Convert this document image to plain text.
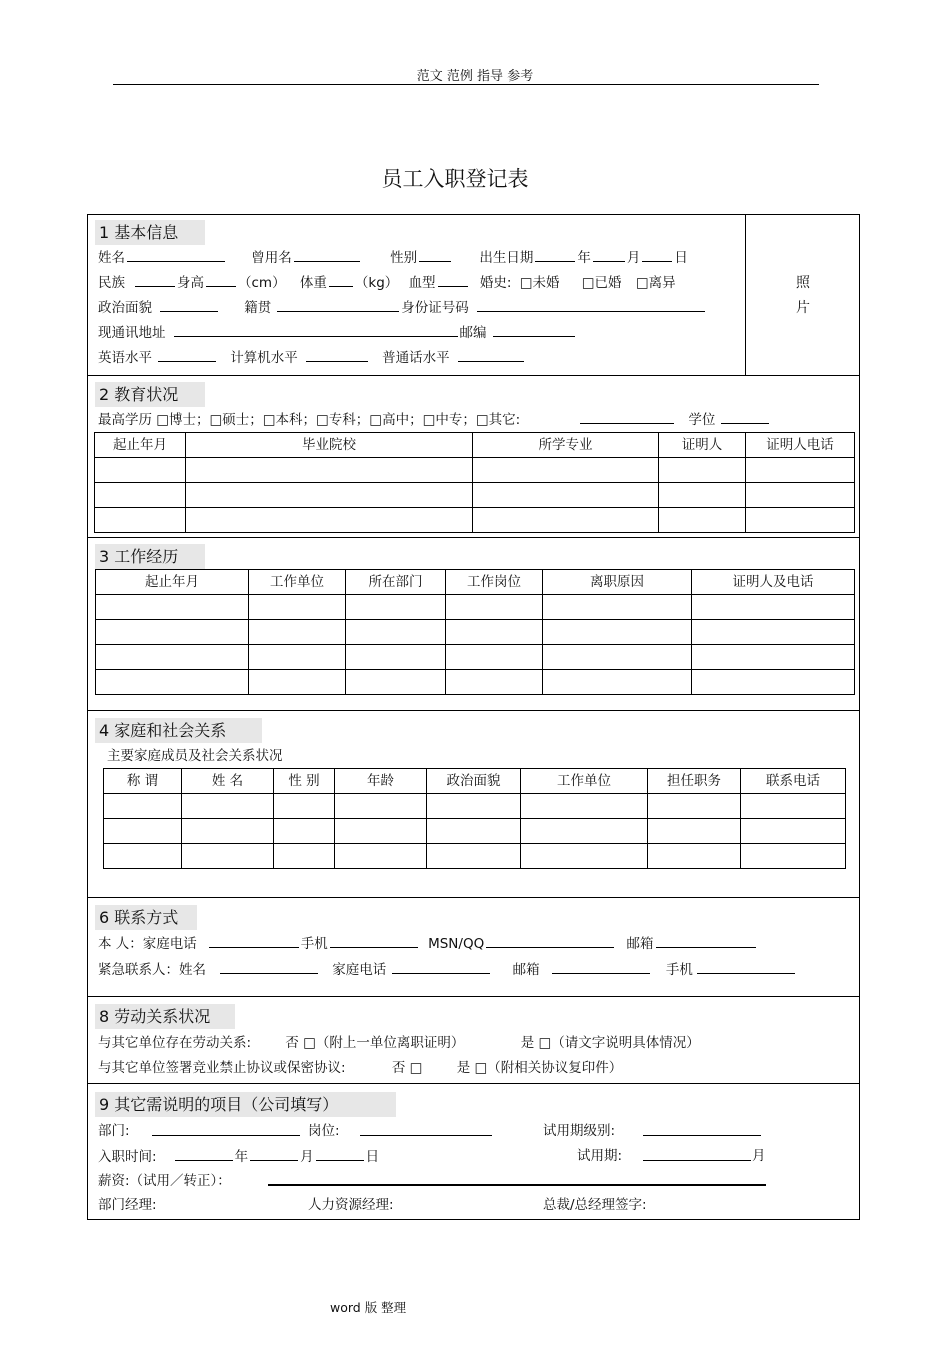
范文 范例 指导 参考
员工入职登记表
照
片
1 基本信息
姓名	曾用名	性别	出生日期	年	月	日
民族	身高	（cm） 体重 （kg） 血型	婚史: □未婚 □已婚 □离异
政治面貌	籍贯	身份证号码
现通讯地址	邮编
英语水平	计算机水平	普通话水平
2 教育状况
最高学历 □博士；□硕士；□本科；□专科；□高中；□中专；□其它:	学位
起止年月	毕业院校	所学专业	证明人	证明人电话

3 工作经历
起止年月	工作单位	所在部门	工作岗位	离职原因	证明人及电话

4 家庭和社会关系
主要家庭成员及社会关系状况
称 谓	姓 名	性 别	年龄	政治面貌	工作单位	担任职务	联系电话

6 联系方式
本 人：家庭电话	手机	MSN/QQ	邮箱
紧急联系人：姓名	家庭电话	邮箱	手机
8 劳动关系状况
与其它单位存在劳动关系:	否 □（附上一单位离职证明）	是 □（请文字说明具体情况）
与其它单位签署竞业禁止协议或保密协议:	否 □	是 □（附相关协议复印件）
9 其它需说明的项目（公司填写）
部门:	岗位:	试用期级别:
入职时间:	年	月	日	试用期:	月
薪资:（试用／转正）：
部门经理:	人力资源经理:	总裁/总经理签字:
word 版 整理
